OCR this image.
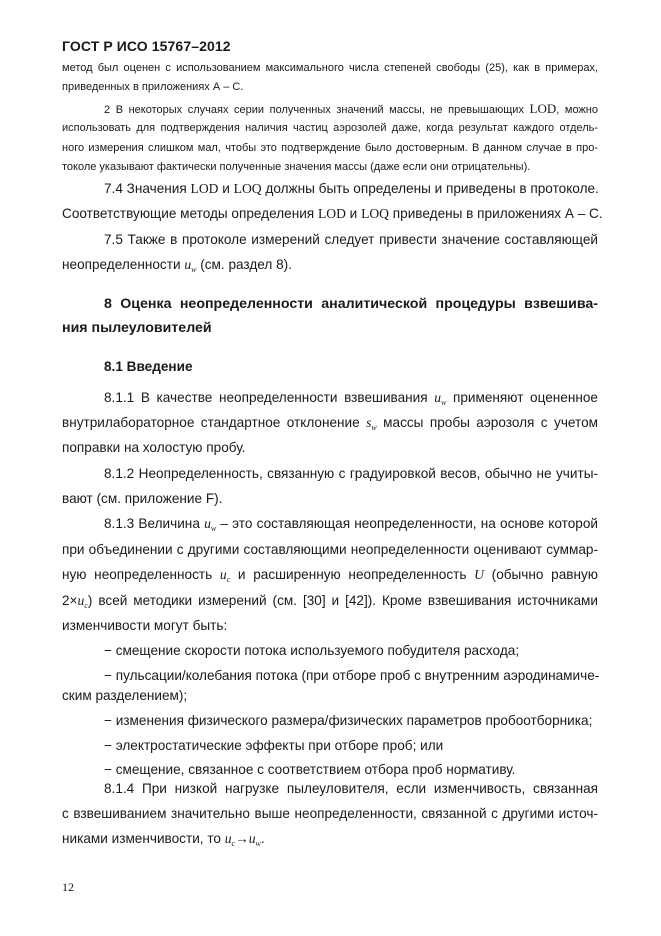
ГОСТ Р ИСО 15767–2012
метод был оценен с использованием максимального числа степеней свободы (25), как в примерах,
приведенных в приложениях А – С.
2 В некоторых случаях серии полученных значений массы, не превышающих LOD, можно
использовать для подтверждения наличия частиц аэрозолей даже, когда результат каждого отдель-
ного измерения слишком мал, чтобы это подтверждение было достоверным. В данном случае в про-
токоле указывают фактически полученные значения массы (даже если они отрицательны).
7.4 Значения LOD и LOQ должны быть определены и приведены в протоколе.
Соответствующие методы определения LOD и LOQ приведены в приложениях А – С.
7.5 Также в протоколе измерений следует привести значение составляющей
неопределенности $u_w$ (см. раздел 8).
8 Оценка неопределенности аналитической процедуры взвешива-
ния пылеуловителей
8.1 Введение
8.1.1 В качестве неопределенности взвешивания $u_w$ применяют оцененное
внутрилабораторное стандартное отклонение $s_w$ массы пробы аэрозоля с учетом
поправки на холостую пробу.
8.1.2 Неопределенность, связанную с градуировкой весов, обычно не учиты-
вают (см. приложение F).
8.1.3 Величина $u_w$ – это составляющая неопределенности, на основе которой
при объединении с другими составляющими неопределенности оценивают суммар-
ную неопределенность $u_c$ и расширенную неопределенность U (обычно равную
$2\times u_c$) всей методики измерений (см. [30] и [42]). Кроме взвешивания источниками
изменчивости могут быть:
− смещение скорости потока используемого побудителя расхода;
− пульсации/колебания потока (при отборе проб с внутренним аэродинамиче-
ским разделением);
− изменения физического размера/физических параметров пробоотборника;
− электростатические эффекты при отборе проб; или
− смещение, связанное с соответствием отбора проб нормативу.
8.1.4 При низкой нагрузке пылеуловителя, если изменчивость, связанная
с взвешиванием значительно выше неопределенности, связанной с другими источ-
никами изменчивости, то $u_c\to u_w$.
12
